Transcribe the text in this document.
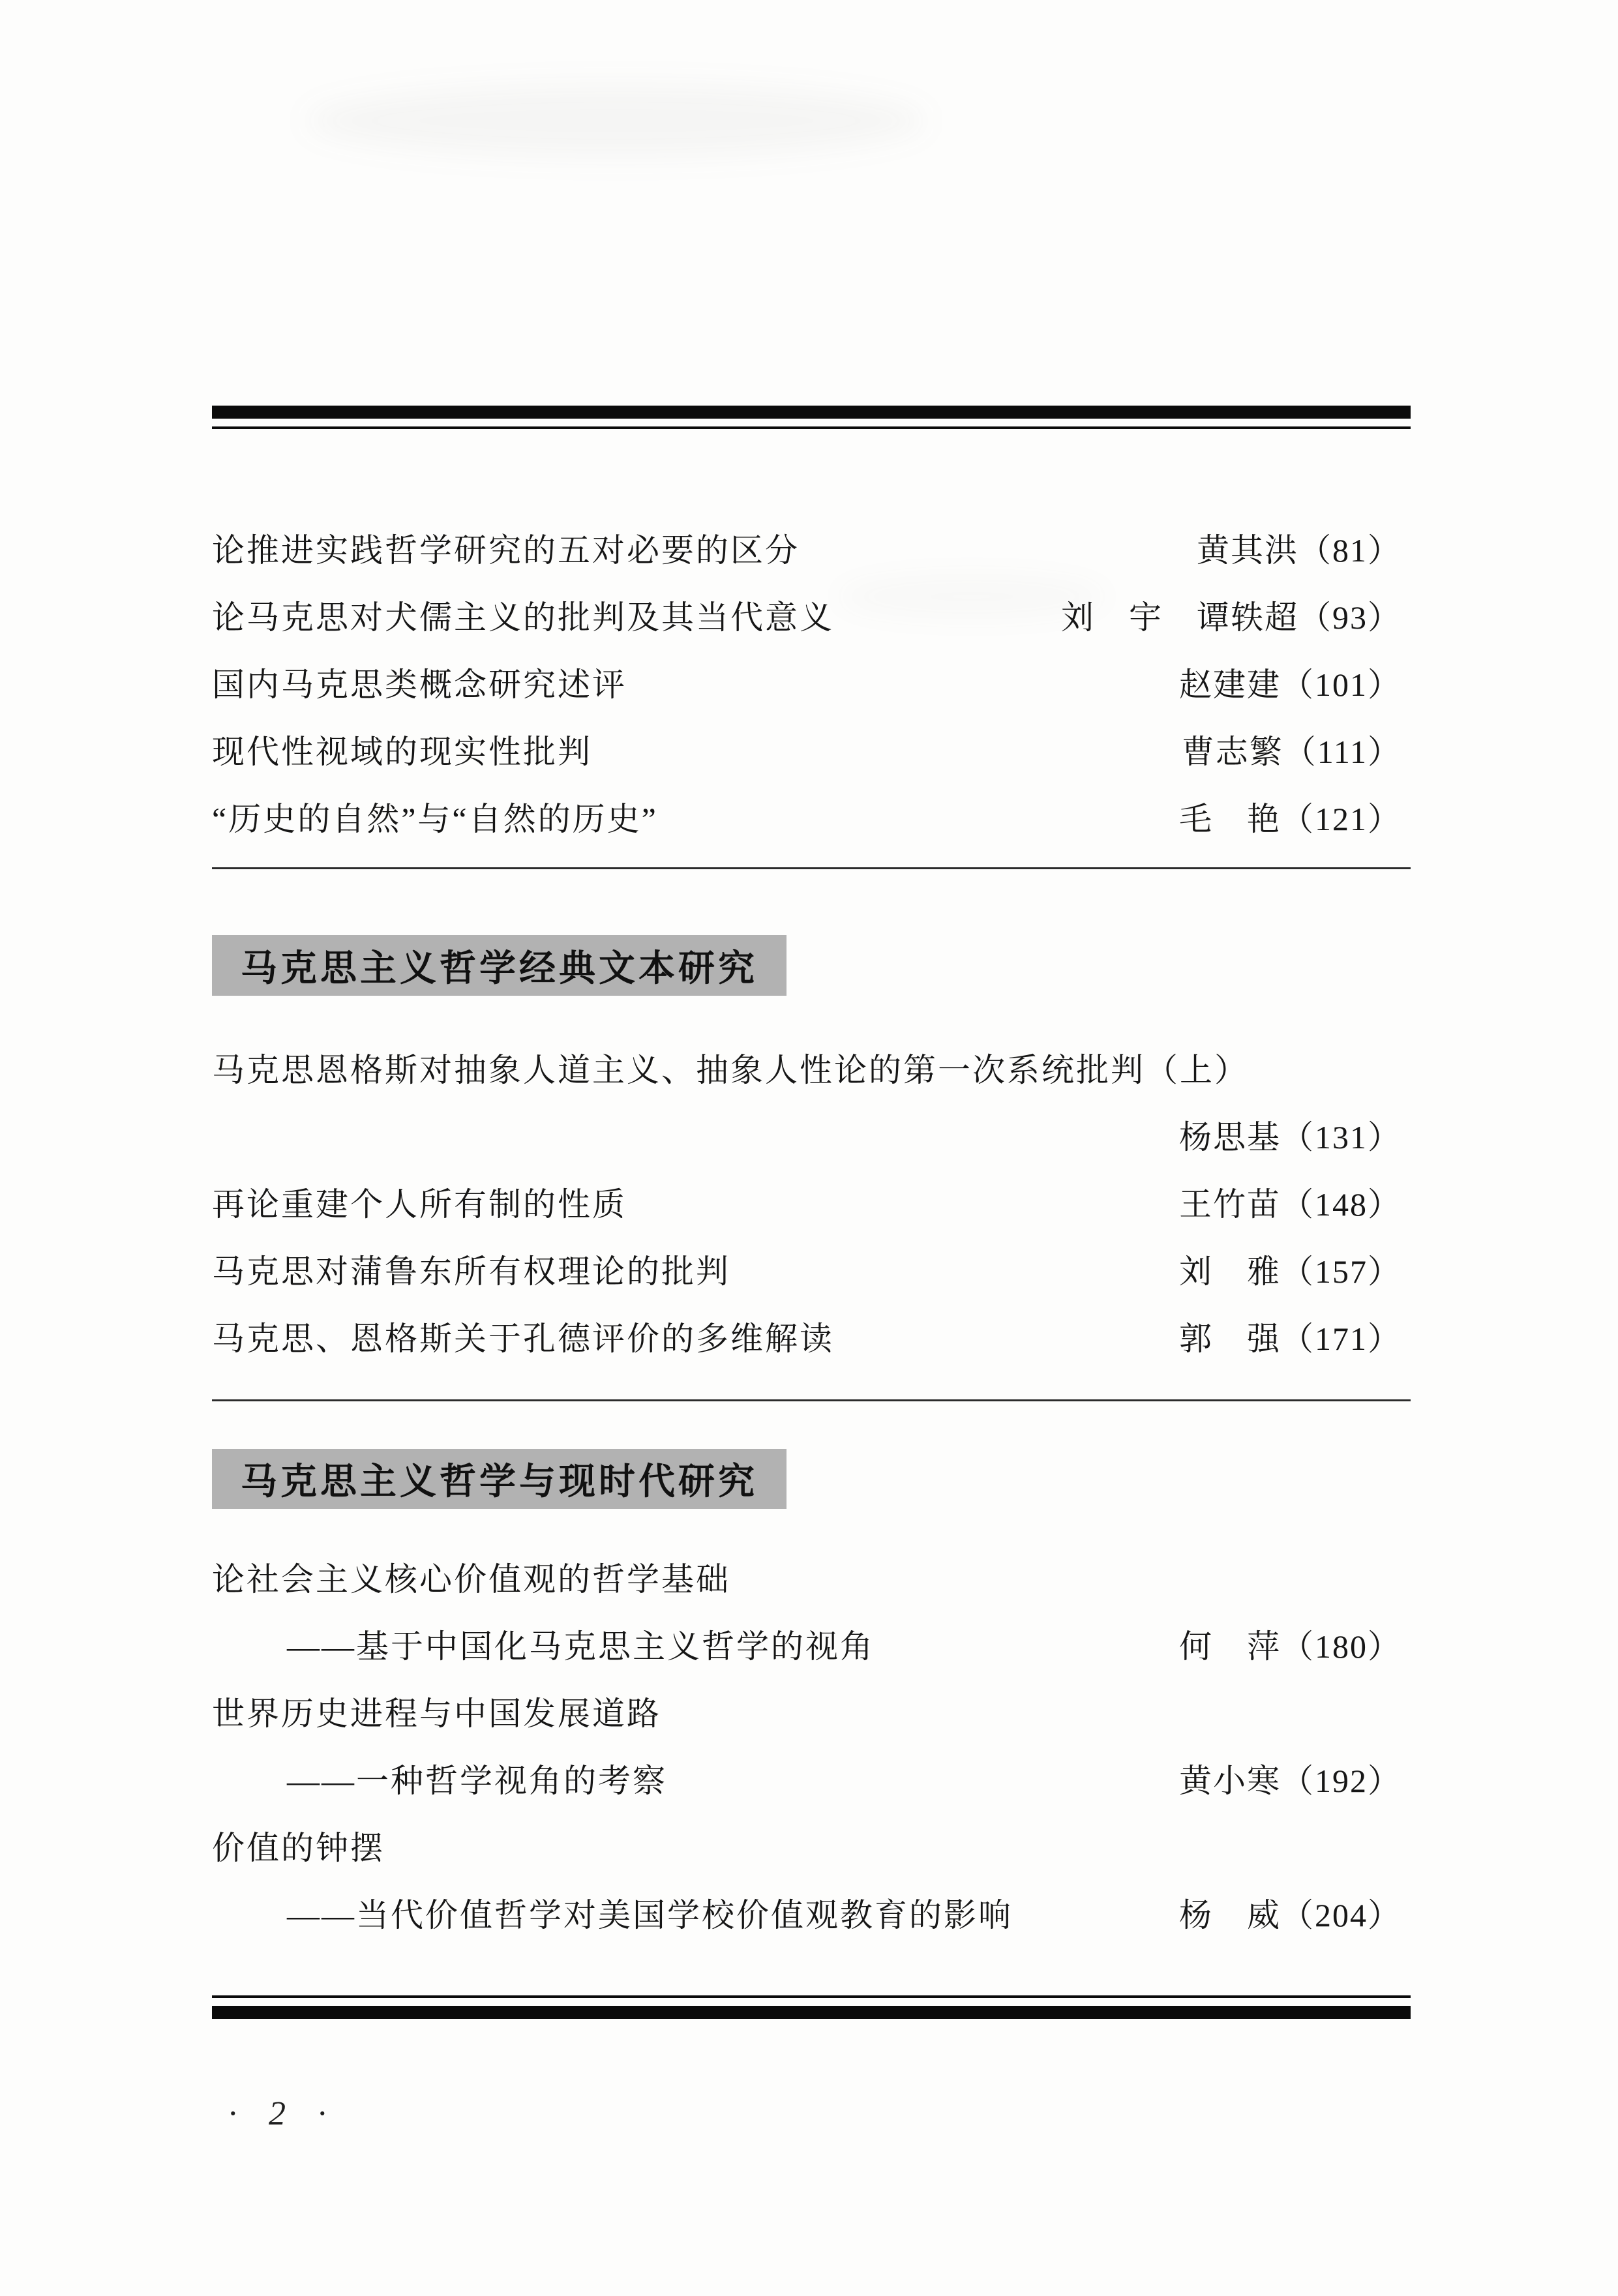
论推进实践哲学研究的五对必要的区分	黄其洪（81）
论马克思对犬儒主义的批判及其当代意义	刘　宇　谭轶超（93）
国内马克思类概念研究述评	赵建建（101）
现代性视域的现实性批判	曹志繁（111）
“历史的自然”与“自然的历史”	毛　艳（121）
马克思主义哲学经典文本研究
马克思恩格斯对抽象人道主义、抽象人性论的第一次系统批判（上）
杨思基（131）
再论重建个人所有制的性质	王竹苗（148）
马克思对蒲鲁东所有权理论的批判	刘　雅（157）
马克思、恩格斯关于孔德评价的多维解读	郭　强（171）
马克思主义哲学与现时代研究
论社会主义核心价值观的哲学基础
——基于中国化马克思主义哲学的视角	何　萍（180）
世界历史进程与中国发展道路
——一种哲学视角的考察	黄小寒（192）
价值的钟摆
——当代价值哲学对美国学校价值观教育的影响	杨　威（204）
· 2 ·
